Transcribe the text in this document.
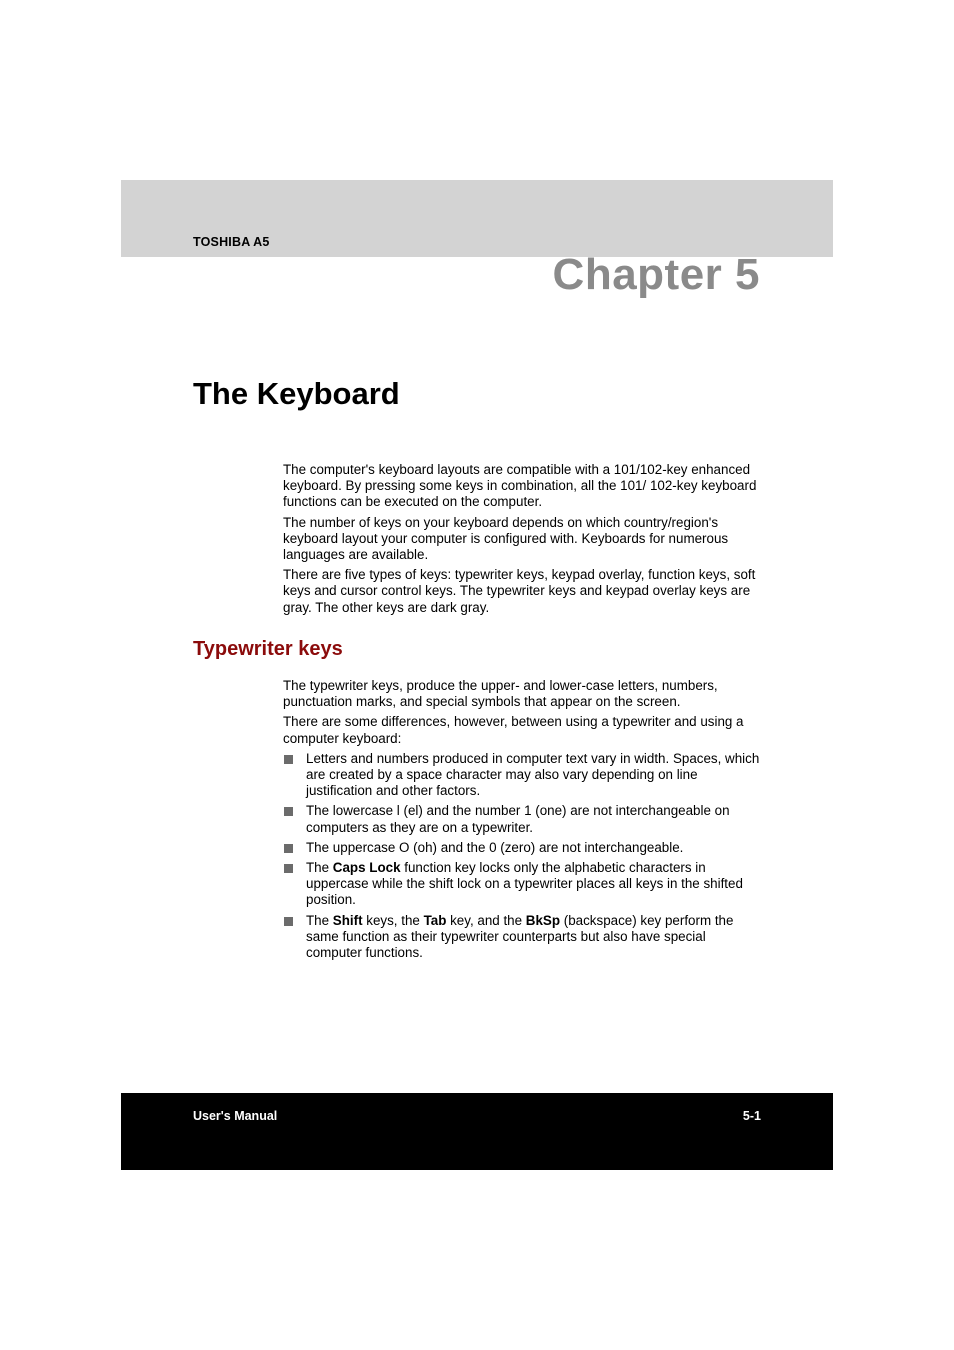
TOSHIBA A5
Chapter 5
The Keyboard

The computer's keyboard layouts are compatible with a 101/102-key enhanced keyboard. By pressing some keys in combination, all the 101/ 102-key keyboard functions can be executed on the computer.

The number of keys on your keyboard depends on which country/region's keyboard layout your computer is configured with. Keyboards for numerous languages are available.

There are five types of keys: typewriter keys, keypad overlay, function keys, soft keys and cursor control keys. The typewriter keys and keypad overlay keys are gray. The other keys are dark gray.

Typewriter keys

The typewriter keys, produce the upper- and lower-case letters, numbers, punctuation marks, and special symbols that appear on the screen.

There are some differences, however, between using a typewriter and using a computer keyboard:

Letters and numbers produced in computer text vary in width. Spaces, which are created by a space character may also vary depending on line justification and other factors.
The lowercase l (el) and the number 1 (one) are not interchangeable on computers as they are on a typewriter.
The uppercase O (oh) and the 0 (zero) are not interchangeable.
The Caps Lock function key locks only the alphabetic characters in uppercase while the shift lock on a typewriter places all keys in the shifted position.
The Shift keys, the Tab key, and the BkSp (backspace) key perform the same function as their typewriter counterparts but also have special computer functions.
User's Manual	5-1
